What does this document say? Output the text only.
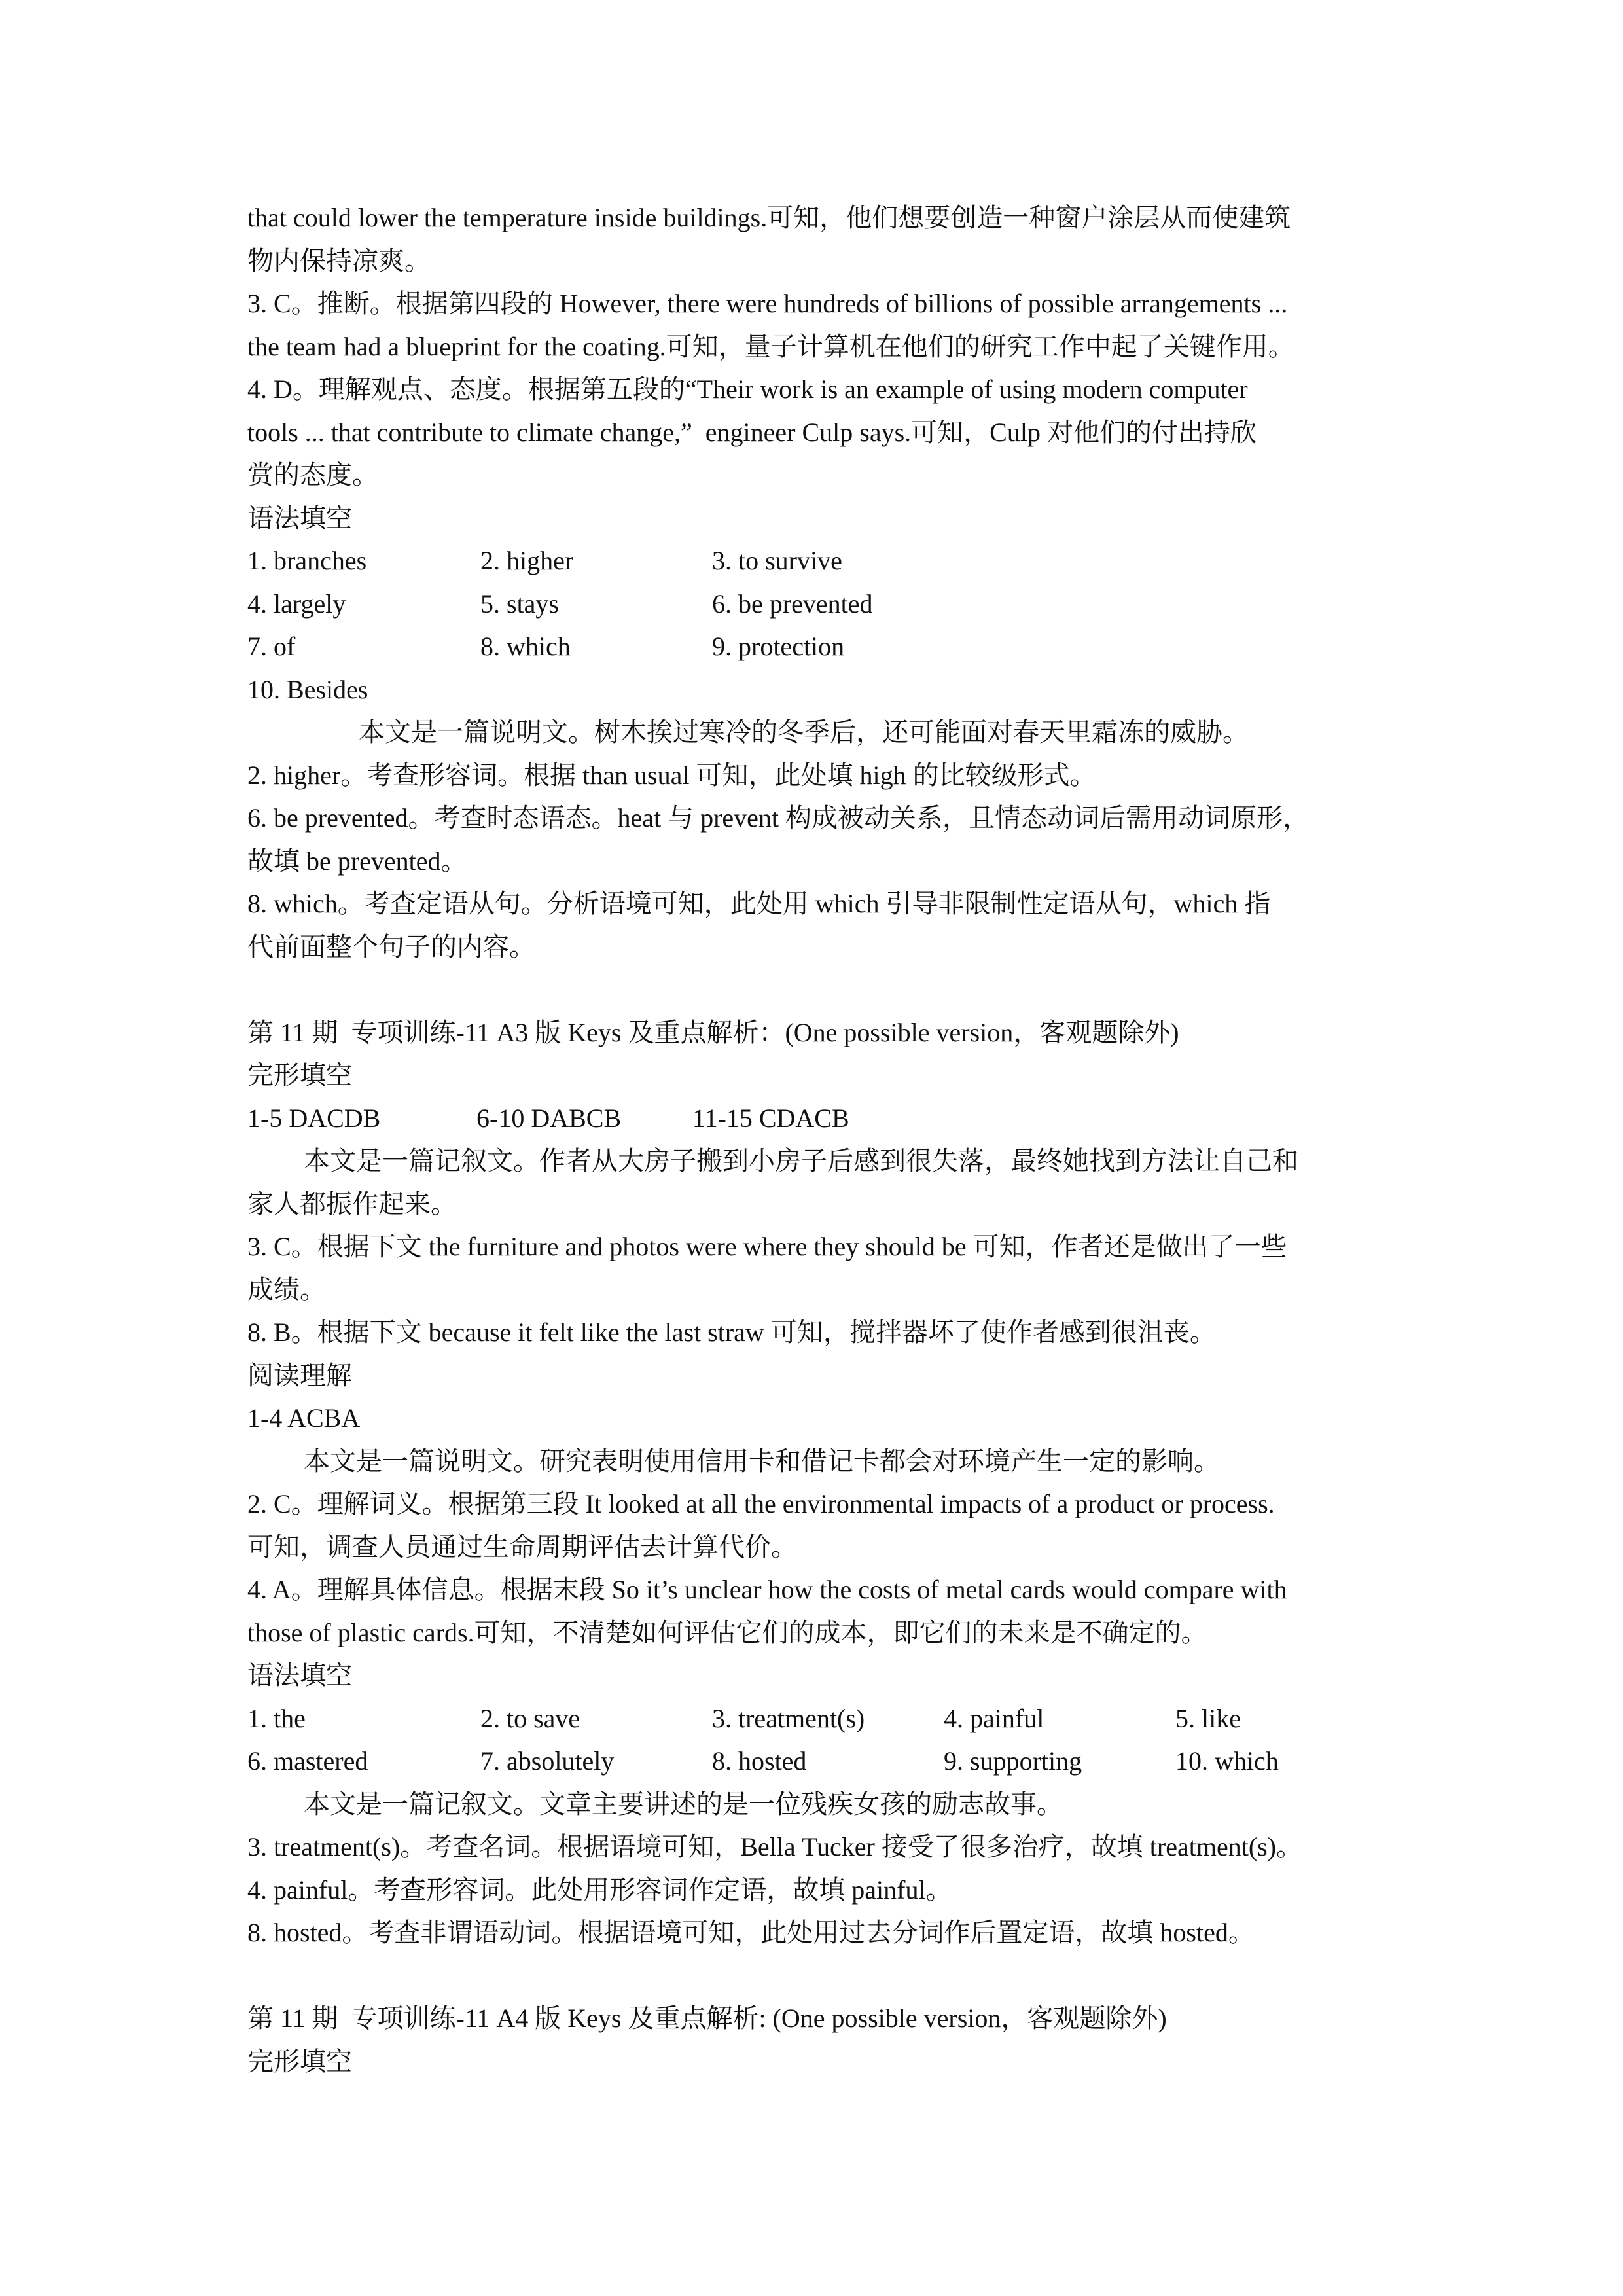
that could lower the temperature inside buildings.可知，他们想要创造一种窗户涂层从而使建筑
物内保持凉爽。
3. C。推断。根据第四段的 However, there were hundreds of billions of possible arrangements ...
the team had a blueprint for the coating.可知，量子计算机在他们的研究工作中起了关键作用。
4. D。理解观点、态度。根据第五段的“Their work is an example of using modern computer
tools ... that contribute to climate change,”  engineer Culp says.可知，Culp 对他们的付出持欣
赏的态度。
语法填空
1. branches	2. higher	3. to survive
4. largely	5. stays	6. be prevented
7. of	8. which	9. protection
10. Besides
本文是一篇说明文。树木挨过寒冷的冬季后，还可能面对春天里霜冻的威胁。
2. higher。考查形容词。根据 than usual 可知，此处填 high 的比较级形式。
6. be prevented。考查时态语态。heat 与 prevent 构成被动关系，且情态动词后需用动词原形，
故填 be prevented。
8. which。考查定语从句。分析语境可知，此处用 which 引导非限制性定语从句，which 指
代前面整个句子的内容。
第 11 期  专项训练-11 A3 版 Keys 及重点解析：(One possible version，客观题除外)
完形填空
1-5 DACDB	6-10 DABCB	11-15 CDACB
本文是一篇记叙文。作者从大房子搬到小房子后感到很失落，最终她找到方法让自己和
家人都振作起来。
3. C。根据下文 the furniture and photos were where they should be 可知，作者还是做出了一些
成绩。
8. B。根据下文 because it felt like the last straw 可知，搅拌器坏了使作者感到很沮丧。
阅读理解
1-4 ACBA
本文是一篇说明文。研究表明使用信用卡和借记卡都会对环境产生一定的影响。
2. C。理解词义。根据第三段 It looked at all the environmental impacts of a product or process.
可知，调查人员通过生命周期评估去计算代价。
4. A。理解具体信息。根据末段 So it’s unclear how the costs of metal cards would compare with
those of plastic cards.可知，不清楚如何评估它们的成本，即它们的未来是不确定的。
语法填空
1. the	2. to save	3. treatment(s)	4. painful	5. like
6. mastered	7. absolutely	8. hosted	9. supporting	10. which
本文是一篇记叙文。文章主要讲述的是一位残疾女孩的励志故事。
3. treatment(s)。考查名词。根据语境可知，Bella Tucker 接受了很多治疗，故填 treatment(s)。
4. painful。考查形容词。此处用形容词作定语，故填 painful。
8. hosted。考查非谓语动词。根据语境可知，此处用过去分词作后置定语，故填 hosted。
第 11 期  专项训练-11 A4 版 Keys 及重点解析: (One possible version，客观题除外)
完形填空
